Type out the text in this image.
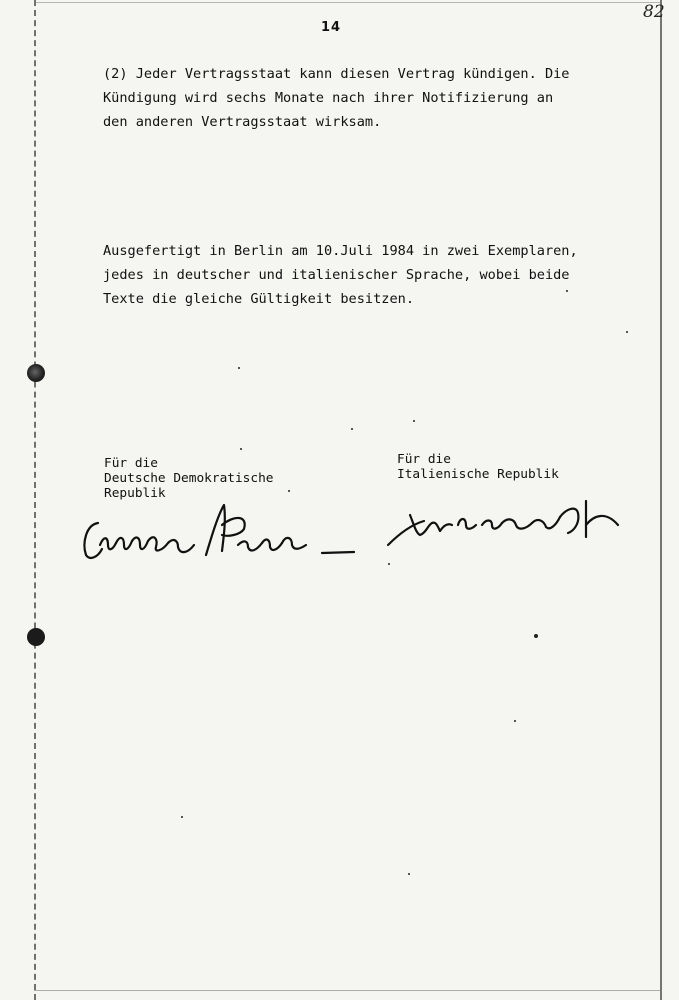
14
82
(2) Jeder Vertragsstaat kann diesen Vertrag kündigen. Die
Kündigung wird sechs Monate nach ihrer Notifizierung an
den anderen Vertragsstaat wirksam.
Ausgefertigt in Berlin am 10.Juli 1984 in zwei Exemplaren,
jedes in deutscher und italienischer Sprache, wobei beide
Texte die gleiche Gültigkeit besitzen.
Für die
Deutsche Demokratische
Republik
Für die
Italienische Republik
